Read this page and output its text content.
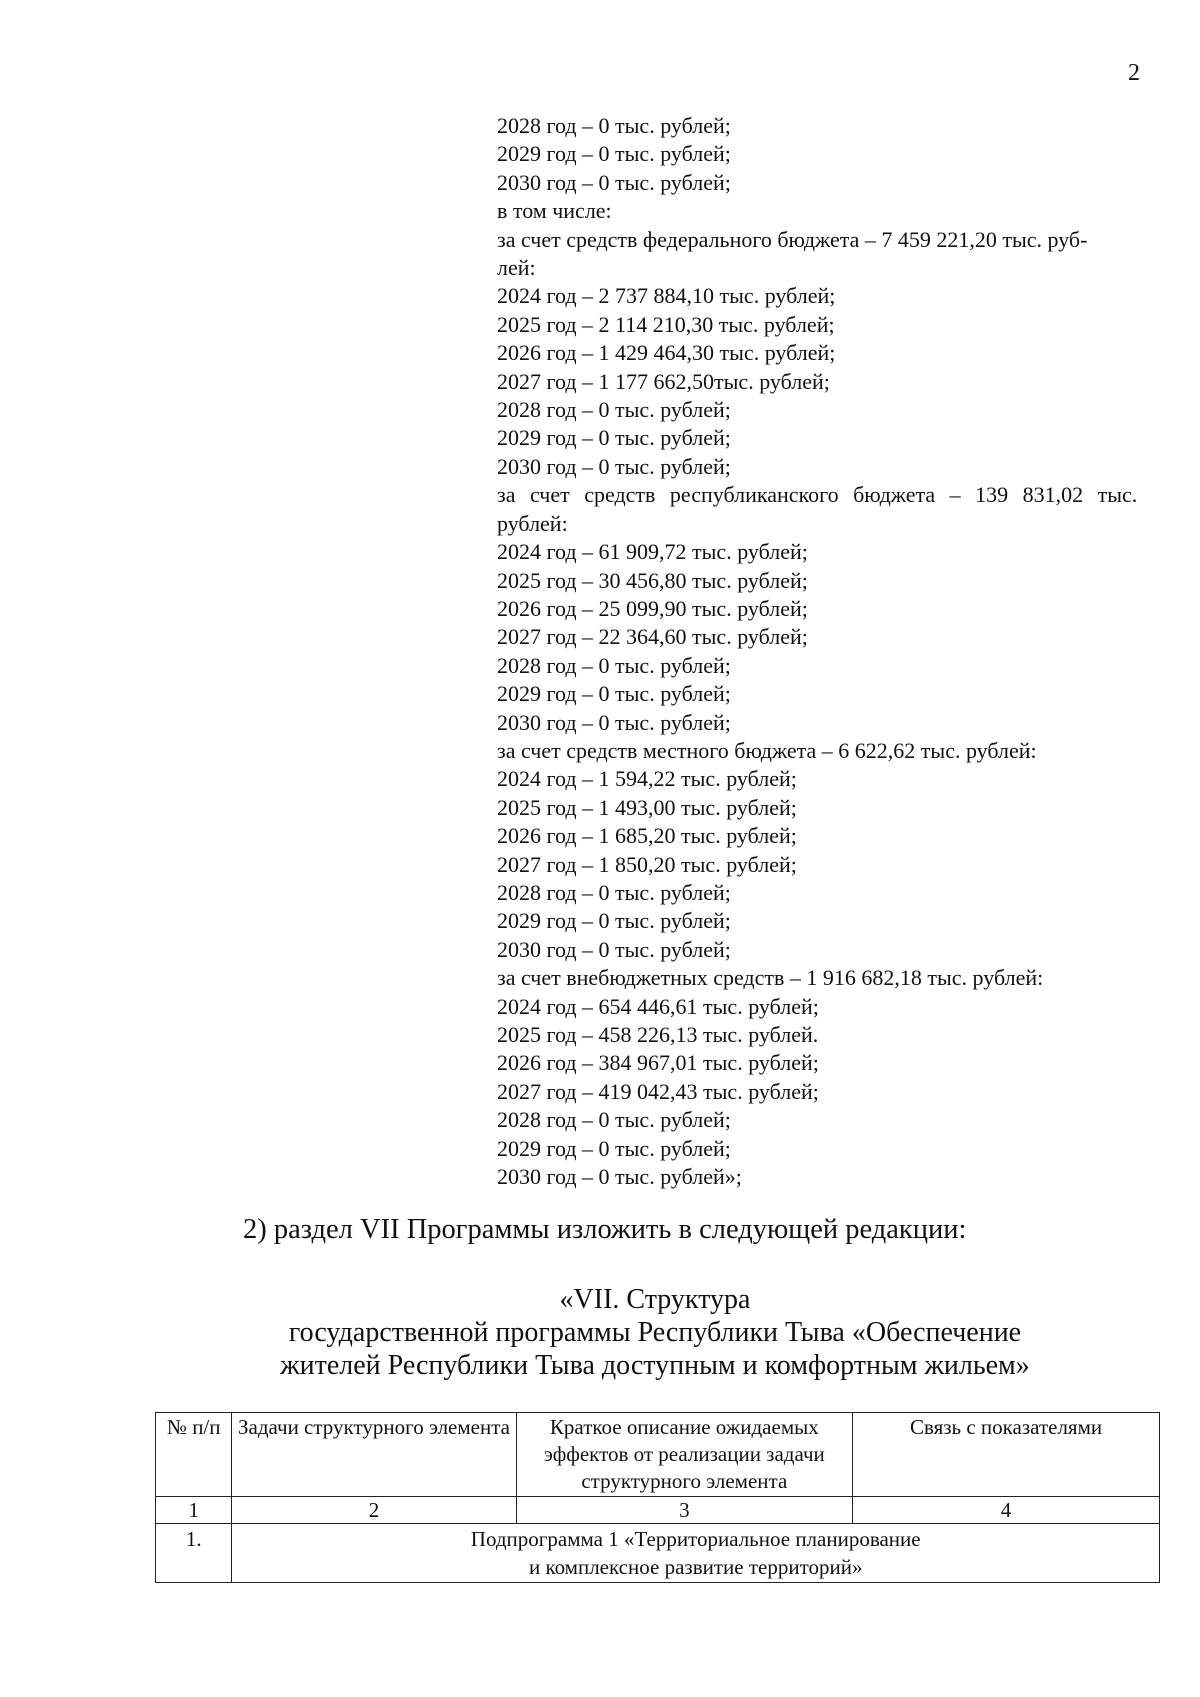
2
2028 год – 0 тыс. рублей;
2029 год – 0 тыс. рублей;
2030 год – 0 тыс. рублей;
в том числе:
за счет средств федерального бюджета – 7 459 221,20 тыс. руб-
лей:
2024 год – 2 737 884,10 тыс. рублей;
2025 год – 2 114 210,30 тыс. рублей;
2026 год – 1 429 464,30 тыс. рублей;
2027 год – 1 177 662,50тыс. рублей;
2028 год – 0 тыс. рублей;
2029 год – 0 тыс. рублей;
2030 год – 0 тыс. рублей;
за счет средств республиканского бюджета – 139 831,02 тыс.
рублей:
2024 год – 61 909,72 тыс. рублей;
2025 год – 30 456,80 тыс. рублей;
2026 год – 25 099,90 тыс. рублей;
2027 год – 22 364,60 тыс. рублей;
2028 год – 0 тыс. рублей;
2029 год – 0 тыс. рублей;
2030 год – 0 тыс. рублей;
за счет средств местного бюджета – 6 622,62 тыс. рублей:
2024 год – 1 594,22 тыс. рублей;
2025 год – 1 493,00 тыс. рублей;
2026 год – 1 685,20 тыс. рублей;
2027 год – 1 850,20 тыс. рублей;
2028 год – 0 тыс. рублей;
2029 год – 0 тыс. рублей;
2030 год – 0 тыс. рублей;
за счет внебюджетных средств – 1 916 682,18 тыс. рублей:
2024 год – 654 446,61 тыс. рублей;
2025 год – 458 226,13 тыс. рублей.
2026 год – 384 967,01 тыс. рублей;
2027 год – 419 042,43 тыс. рублей;
2028 год – 0 тыс. рублей;
2029 год – 0 тыс. рублей;
2030 год – 0 тыс. рублей»;
2) раздел VII Программы изложить в следующей редакции:
«VII. Структура
государственной программы Республики Тыва «Обеспечение
жителей Республики Тыва доступным и комфортным жильем»
№ п/п	Задачи структурного элемента	Краткое описание ожидаемых эффектов от реализации задачи структурного элемента	Связь с показателями
1	2	3	4
1.	Подпрограмма 1 «Территориальное планирование
и комплексное развитие территорий»		
